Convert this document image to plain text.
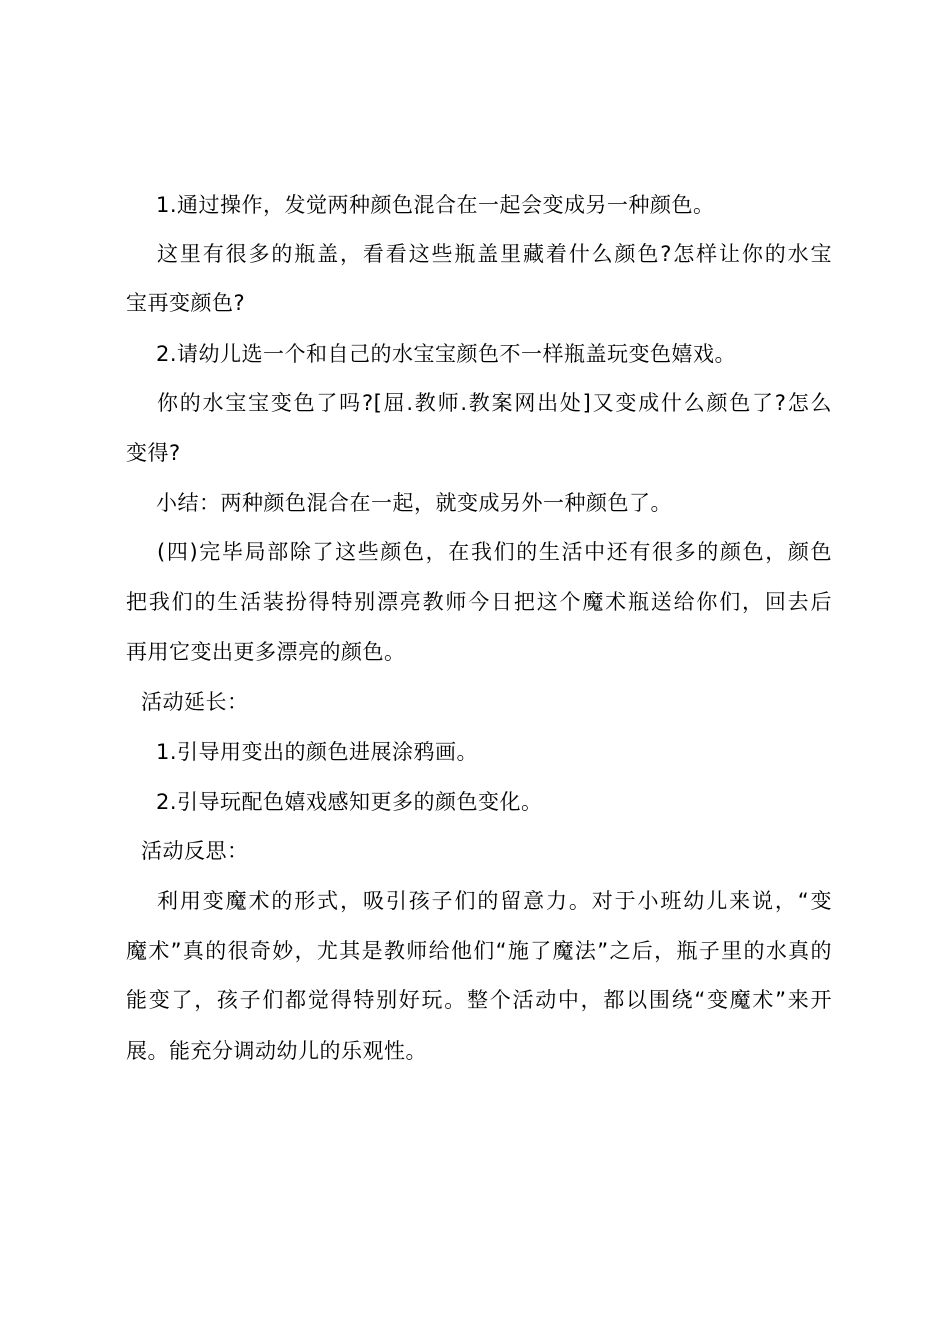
1.通过操作，发觉两种颜色混合在一起会变成另一种颜色。
这里有很多的瓶盖，看看这些瓶盖里藏着什么颜色?怎样让你的水宝
宝再变颜色?
2.请幼儿选一个和自己的水宝宝颜色不一样瓶盖玩变色嬉戏。
你的水宝宝变色了吗?[屈.教师.教案网出处]又变成什么颜色了?怎么
变得?
小结：两种颜色混合在一起，就变成另外一种颜色了。
(四)完毕局部除了这些颜色，在我们的生活中还有很多的颜色，颜色
把我们的生活装扮得特别漂亮教师今日把这个魔术瓶送给你们，回去后
再用它变出更多漂亮的颜色。
活动延长：
1.引导用变出的颜色进展涂鸦画。
2.引导玩配色嬉戏感知更多的颜色变化。
活动反思：
利用变魔术的形式，吸引孩子们的留意力。对于小班幼儿来说，“变
魔术”真的很奇妙，尤其是教师给他们“施了魔法”之后，瓶子里的水真的
能变了，孩子们都觉得特别好玩。整个活动中，都以围绕“变魔术”来开
展。能充分调动幼儿的乐观性。
